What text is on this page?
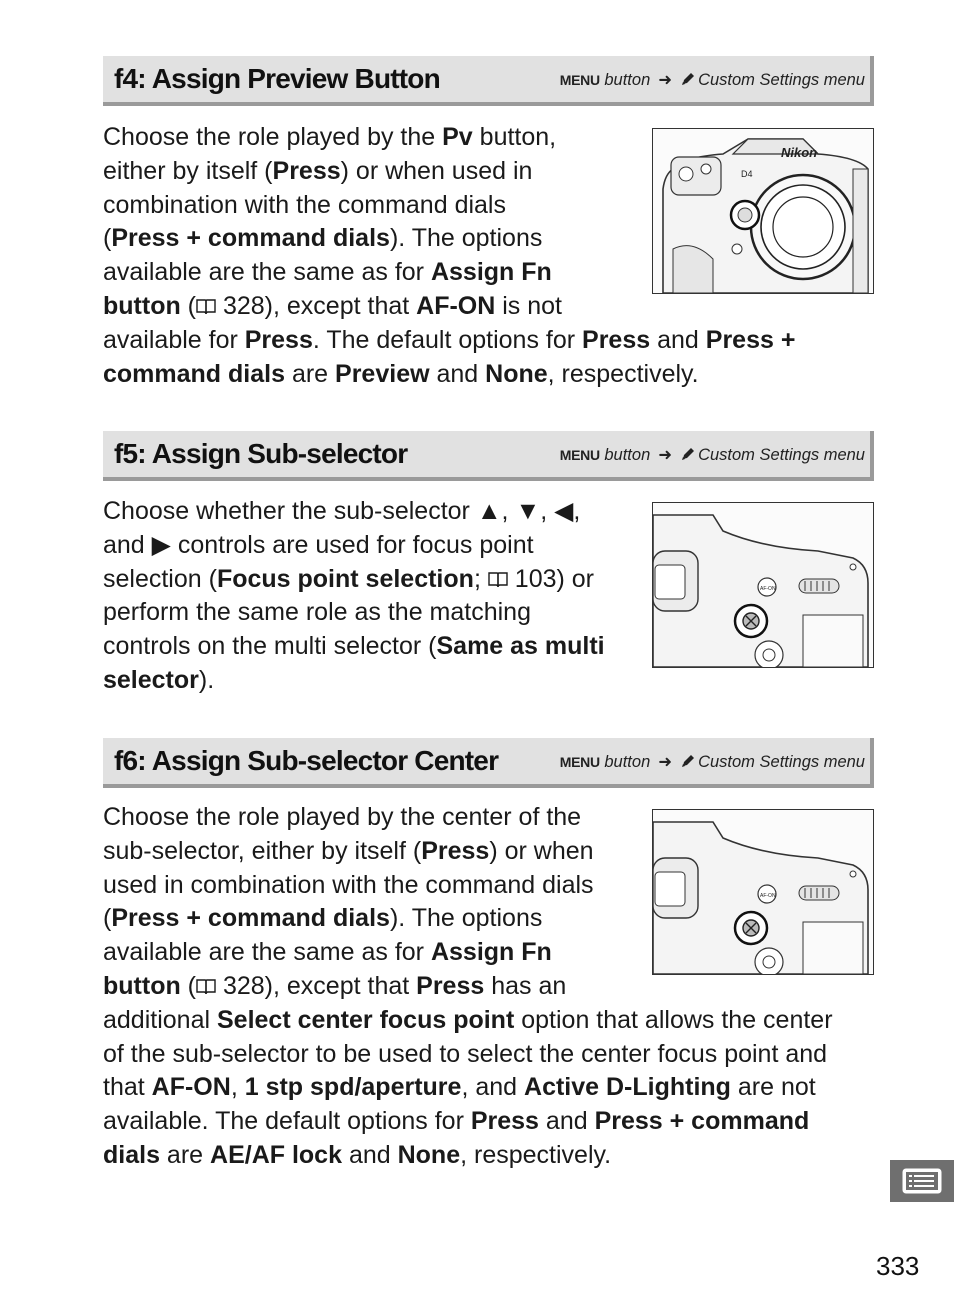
f4: Assign Preview Button	MENU button ➜ Custom Settings menu
Choose the role played by the Pv button,
either by itself (Press) or when used in
combination with the command dials
(Press + command dials). The options
available are the same as for Assign Fn
button ( 328), except that AF-ON is not
available for Press. The default options for Press and Press +
command dials are Preview and None, respectively.
Nikon
D4
f5: Assign Sub-selector	MENU button ➜ Custom Settings menu
Choose whether the sub-selector ▲, ▼, ◀,
and ▶ controls are used for focus point
selection (Focus point selection;  103) or
perform the same role as the matching
controls on the multi selector (Same as multi
selector).
AF-ON
f6: Assign Sub-selector Center	MENU button ➜ Custom Settings menu
Choose the role played by the center of the
sub-selector, either by itself (Press) or when
used in combination with the command dials
(Press + command dials). The options
available are the same as for Assign Fn
button ( 328), except that Press has an
additional Select center focus point option that allows the center
of the sub-selector to be used to select the center focus point and
that AF-ON, 1 stp spd/aperture, and Active D-Lighting are not
available. The default options for Press and Press + command
dials are AE/AF lock and None, respectively.
AF-ON
333
